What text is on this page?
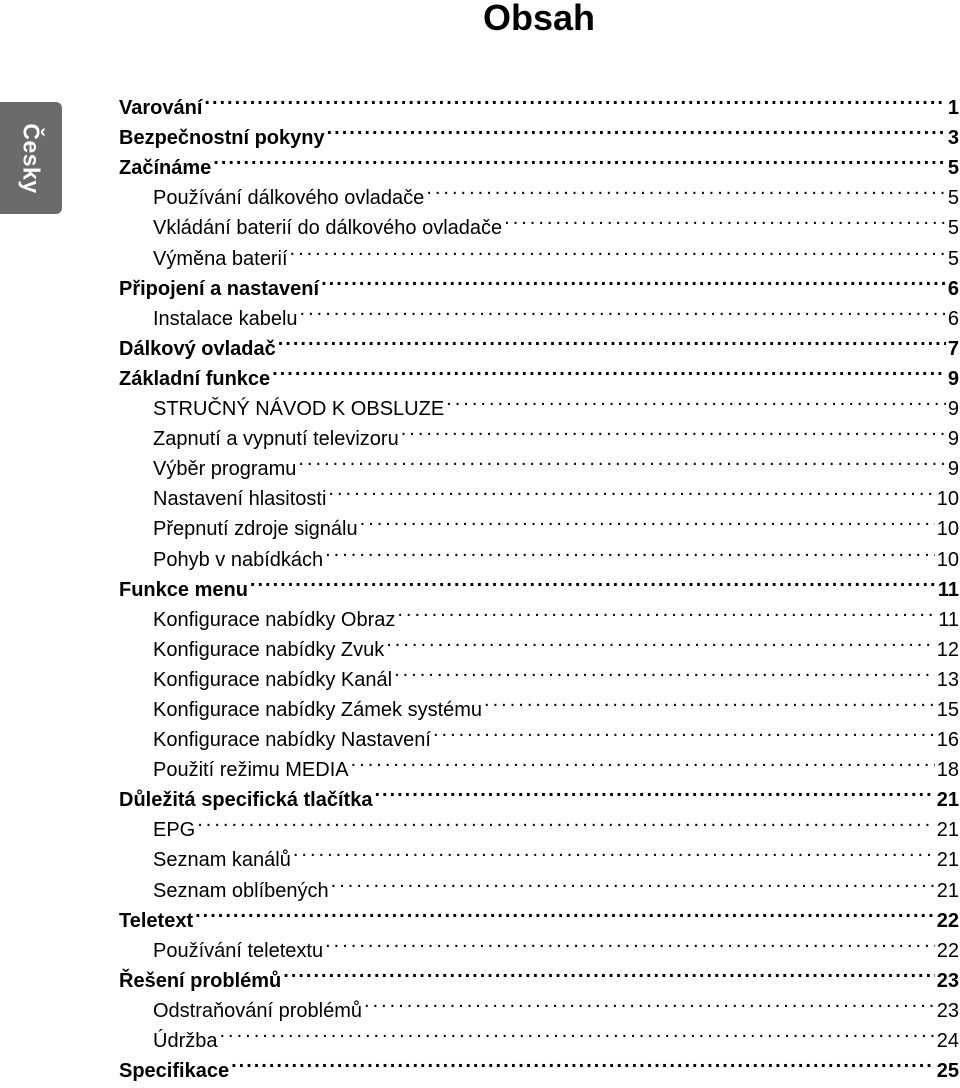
Obsah
Česky
Varování .....	1
Bezpečnostní pokyny .....	3
Začínáme .....	5
Používání dálkového ovladače .....	5
Vkládání baterií do dálkového ovladače .....	5
Výměna baterií .....	5
Připojení a nastavení .....	6
Instalace kabelu .....	6
Dálkový ovladač .....	7
Základní funkce .....	9
STRUČNÝ NÁVOD K OBSLUZE .....	9
Zapnutí a vypnutí televizoru .....	9
Výběr programu .....	9
Nastavení hlasitosti .....	10
Přepnutí zdroje signálu .....	10
Pohyb v nabídkách .....	10
Funkce menu .....	11
Konfigurace nabídky Obraz .....	11
Konfigurace nabídky Zvuk .....	12
Konfigurace nabídky Kanál .....	13
Konfigurace nabídky Zámek systému .....	15
Konfigurace nabídky Nastavení .....	16
Použití režimu MEDIA .....	18
Důležitá specifická tlačítka .....	21
EPG .....	21
Seznam kanálů .....	21
Seznam oblíbených .....	21
Teletext .....	22
Používání teletextu .....	22
Řešení problémů .....	23
Odstraňování problémů .....	23
Údržba .....	24
Specifikace .....	25
